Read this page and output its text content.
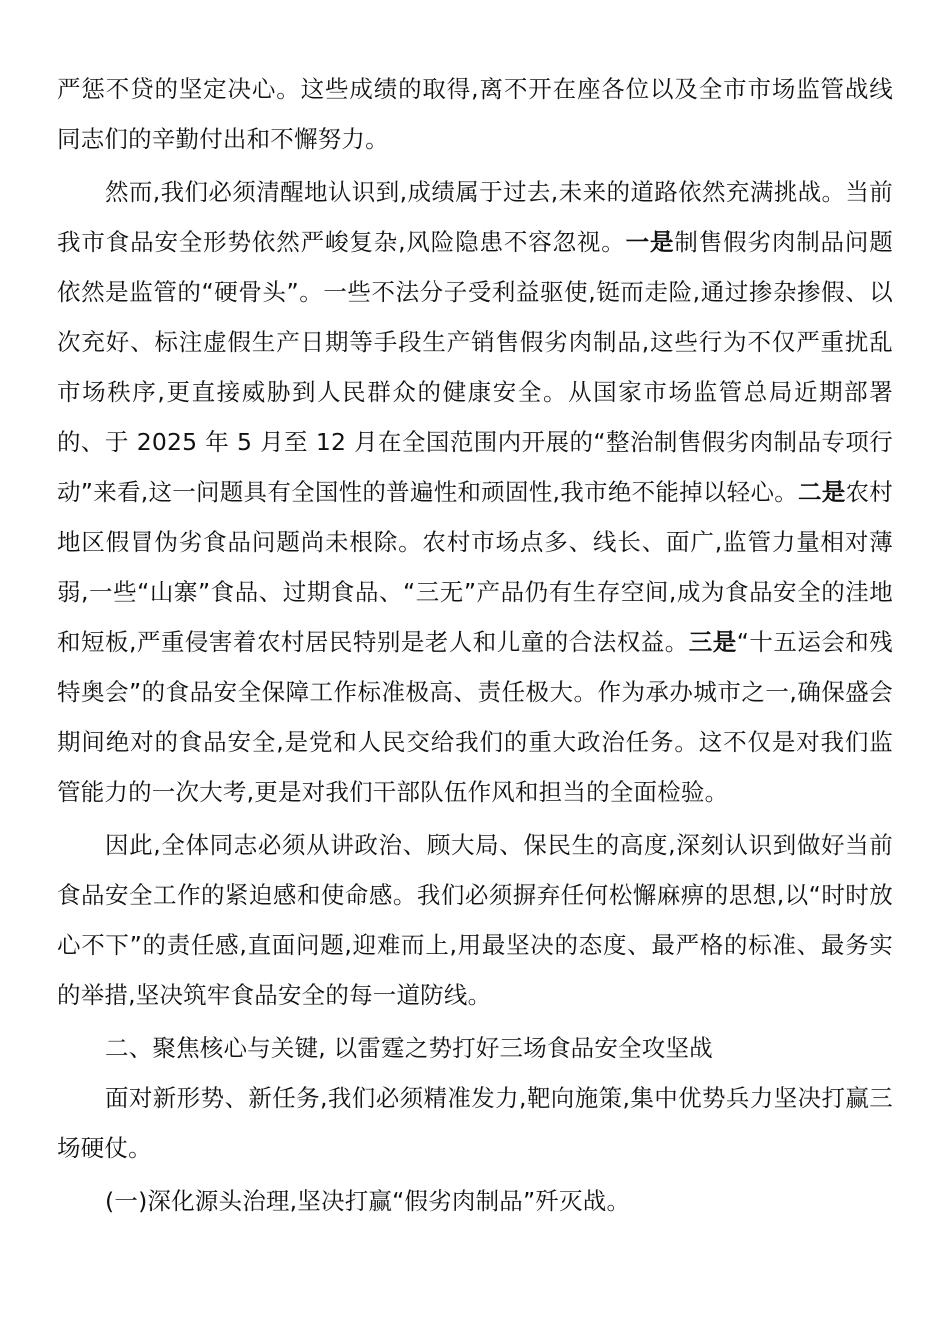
严惩不贷的坚定决心。这些成绩的取得,离不开在座各位以及全市市场监管战线同志们的辛勤付出和不懈努力。

然而,我们必须清醒地认识到,成绩属于过去,未来的道路依然充满挑战。当前我市食品安全形势依然严峻复杂,风险隐患不容忽视。一是制售假劣肉制品问题依然是监管的“硬骨头”。一些不法分子受利益驱使,铤而走险,通过掺杂掺假、以次充好、标注虚假生产日期等手段生产销售假劣肉制品,这些行为不仅严重扰乱市场秩序,更直接威胁到人民群众的健康安全。从国家市场监管总局近期部署的、于 2025 年 5 月至 12 月在全国范围内开展的“整治制售假劣肉制品专项行动”来看,这一问题具有全国性的普遍性和顽固性,我市绝不能掉以轻心。二是农村地区假冒伪劣食品问题尚未根除。农村市场点多、线长、面广,监管力量相对薄弱,一些“山寨”食品、过期食品、“三无”产品仍有生存空间,成为食品安全的洼地和短板,严重侵害着农村居民特别是老人和儿童的合法权益。三是“十五运会和残特奥会”的食品安全保障工作标准极高、责任极大。作为承办城市之一,确保盛会期间绝对的食品安全,是党和人民交给我们的重大政治任务。这不仅是对我们监管能力的一次大考,更是对我们干部队伍作风和担当的全面检验。

因此,全体同志必须从讲政治、顾大局、保民生的高度,深刻认识到做好当前食品安全工作的紧迫感和使命感。我们必须摒弃任何松懈麻痹的思想,以“时时放心不下”的责任感,直面问题,迎难而上,用最坚决的态度、最严格的标准、最务实的举措,坚决筑牢食品安全的每一道防线。

二、聚焦核心与关键, 以雷霆之势打好三场食品安全攻坚战

面对新形势、新任务,我们必须精准发力,靶向施策,集中优势兵力坚决打赢三场硬仗。

(一)深化源头治理,坚决打赢“假劣肉制品”歼灭战。
